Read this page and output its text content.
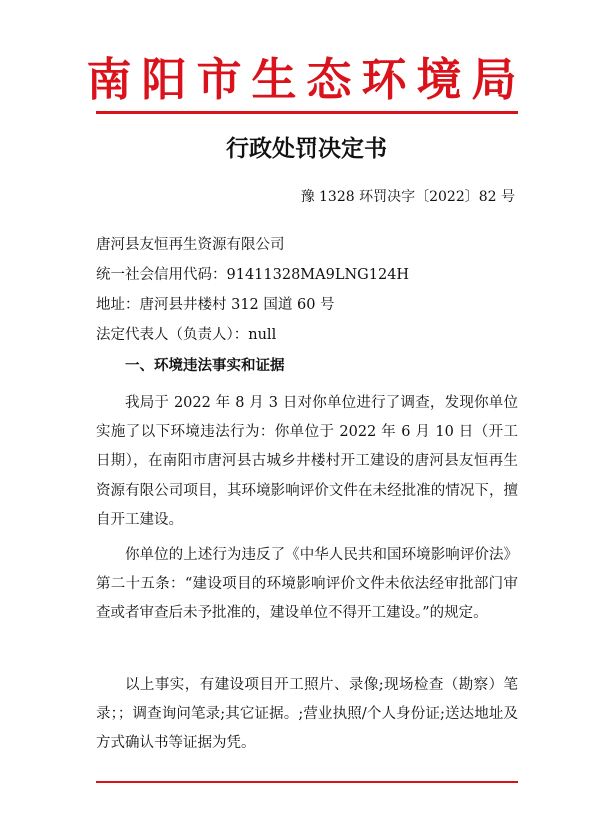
南阳市生态环境局
行政处罚决定书
豫 1328 环罚决字〔2022〕82 号
唐河县友恒再生资源有限公司
统一社会信用代码：91411328MA9LNG124H
地址：唐河县井楼村 312 国道 60 号
法定代表人（负责人）：null
一、环境违法事实和证据
我局于 2022 年 8 月 3 日对你单位进行了调查，发现你单位实施了以下环境违法行为：你单位于 2022 年 6 月 10 日（开工日期），在南阳市唐河县古城乡井楼村开工建设的唐河县友恒再生资源有限公司项目，其环境影响评价文件在未经批准的情况下，擅自开工建设。
你单位的上述行为违反了《中华人民共和国环境影响评价法》第二十五条：“建设项目的环境影响评价文件未依法经审批部门审查或者审查后未予批准的，建设单位不得开工建设。”的规定。
以上事实，有建设项目开工照片、录像;现场检查（勘察）笔录；；调查询问笔录;其它证据。;营业执照/个人身份证;送达地址及方式确认书等证据为凭。
